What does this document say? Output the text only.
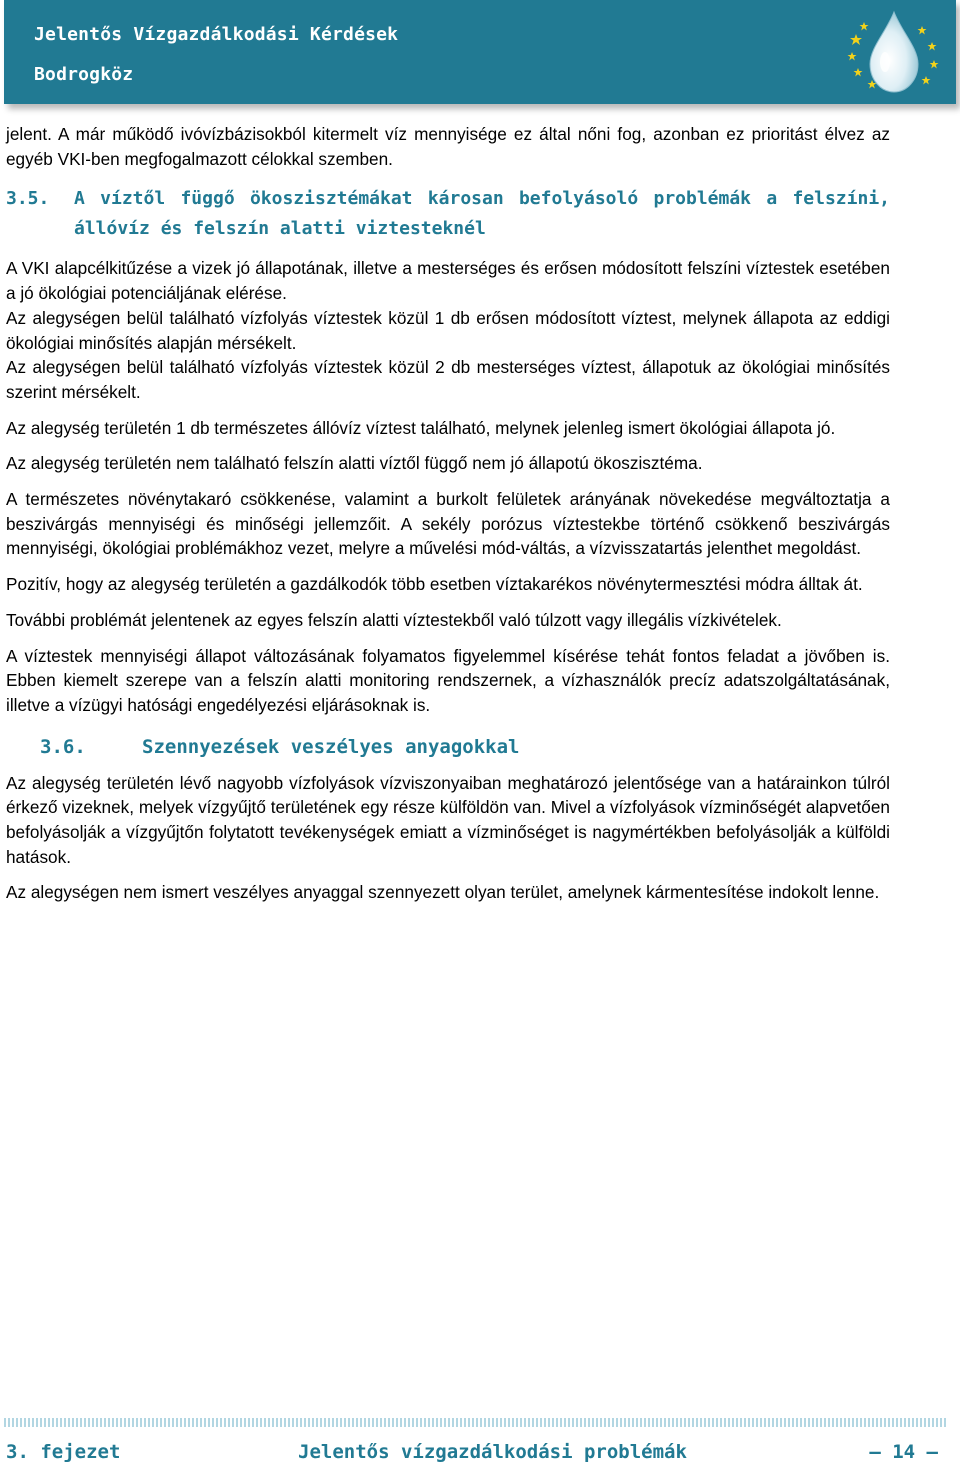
Jelentős Vízgazdálkodási Kérdések
Bodrogköz

jelent. A már működő ivóvízbázisokból kitermelt víz mennyisége ez által nőni fog, azonban ez prioritást élvez az egyéb VKI-ben megfogalmazott célokkal szemben.

3.5.	A víztől függő ökoszisztémákat károsan befolyásoló problémák a felszíni, állóvíz és felszín alatti viztesteknél

A VKI alapcélkitűzése a vizek jó állapotának, illetve a mesterséges és erősen módosított felszíni víztestek esetében a jó ökológiai potenciáljának elérése.

Az alegységen belül található vízfolyás víztestek közül 1 db erősen módosított víztest, melynek állapota az eddigi ökológiai minősítés alapján mérsékelt.

Az alegységen belül található vízfolyás víztestek közül 2 db mesterséges víztest, állapotuk az ökológiai minősítés szerint mérsékelt.

Az alegység területén 1 db természetes állóvíz víztest található, melynek jelenleg ismert ökológiai állapota jó.

Az alegység területén nem található felszín alatti víztől függő nem jó állapotú ökoszisztéma.

A természetes növénytakaró csökkenése, valamint a burkolt felületek arányának növekedése megváltoztatja a beszivárgás mennyiségi és minőségi jellemzőit. A sekély porózus víztestekbe történő csökkenő beszivárgás mennyiségi, ökológiai problémákhoz vezet, melyre a művelési mód-váltás, a vízvisszatartás jelenthet megoldást.

Pozitív, hogy az alegység területén a gazdálkodók több esetben víztakarékos növénytermesztési módra álltak át.

További problémát jelentenek az egyes felszín alatti víztestekből való túlzott vagy illegális vízkivételek.

A víztestek mennyiségi állapot változásának folyamatos figyelemmel kísérése tehát fontos feladat a jövőben is. Ebben kiemelt szerepe van a felszín alatti monitoring rendszernek, a vízhasználók precíz adatszolgáltatásának, illetve a vízügyi hatósági engedélyezési eljárásoknak is.

3.6.	Szennyezések veszélyes anyagokkal

Az alegység területén lévő nagyobb vízfolyások vízviszonyaiban meghatározó jelentősége van a határainkon túlról érkező vizeknek, melyek vízgyűjtő területének egy része külföldön van. Mivel a vízfolyások vízminőségét alapvetően befolyásolják a vízgyűjtőn folytatott tevékenységek emiatt a vízminőséget is nagymértékben befolyásolják a külföldi hatások.

Az alegységen nem ismert veszélyes anyaggal szennyezett olyan terület, amelynek kármentesítése indokolt lenne.

3. fejezet	Jelentős vízgazdálkodási problémák	— 14 —
